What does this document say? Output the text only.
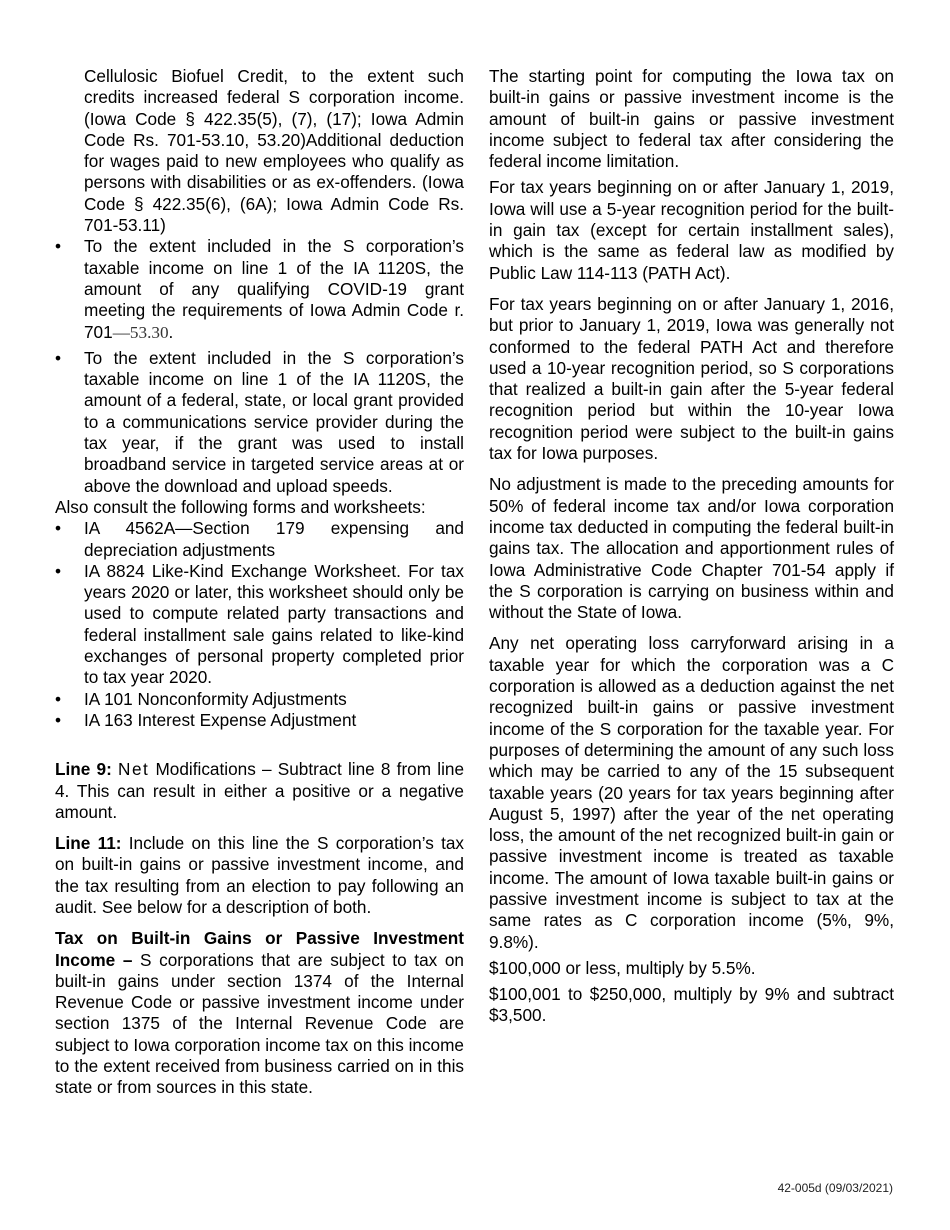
Cellulosic Biofuel Credit, to the extent such credits increased federal S corporation income. (Iowa Code § 422.35(5), (7), (17); Iowa Admin Code Rs. 701-53.10, 53.20)Additional deduction for wages paid to new employees who qualify as persons with disabilities or as ex-offenders. (Iowa Code § 422.35(6), (6A); Iowa Admin Code Rs. 701-53.11)

• To the extent included in the S corporation’s taxable income on line 1 of the IA 1120S, the amount of any qualifying COVID-19 grant meeting the requirements of Iowa Admin Code r. 701—53.30.
• To the extent included in the S corporation’s taxable income on line 1 of the IA 1120S, the amount of a federal, state, or local grant provided to a communications service provider during the tax year, if the grant was used to install broadband service in targeted service areas at or above the download and upload speeds.

Also consult the following forms and worksheets:

• IA 4562A—Section 179 expensing and depreciation adjustments
• IA 8824 Like-Kind Exchange Worksheet. For tax years 2020 or later, this worksheet should only be used to compute related party transactions and federal installment sale gains related to like-kind exchanges of personal property completed prior to tax year 2020.
• IA 101 Nonconformity Adjustments
• IA 163 Interest Expense Adjustment

Line 9: Net Modifications – Subtract line 8 from line 4. This can result in either a positive or a negative amount.

Line 11: Include on this line the S corporation’s tax on built-in gains or passive investment income, and the tax resulting from an election to pay following an audit. See below for a description of both.

Tax on Built-in Gains or Passive Investment Income – S corporations that are subject to tax on built-in gains under section 1374 of the Internal Revenue Code or passive investment income under section 1375 of the Internal Revenue Code are subject to Iowa corporation income tax on this income to the extent received from business carried on in this state or from sources in this state.

The starting point for computing the Iowa tax on built-in gains or passive investment income is the amount of built-in gains or passive investment income subject to federal tax after considering the federal income limitation.

For tax years beginning on or after January 1, 2019, Iowa will use a 5-year recognition period for the built-in gain tax (except for certain installment sales), which is the same as federal law as modified by Public Law 114-113 (PATH Act).

For tax years beginning on or after January 1, 2016, but prior to January 1, 2019, Iowa was generally not conformed to the federal PATH Act and therefore used a 10-year recognition period, so S corporations that realized a built-in gain after the 5-year federal recognition period but within the 10-year Iowa recognition period were subject to the built-in gains tax for Iowa purposes.

No adjustment is made to the preceding amounts for 50% of federal income tax and/or Iowa corporation income tax deducted in computing the federal built-in gains tax. The allocation and apportionment rules of Iowa Administrative Code Chapter 701-54 apply if the S corporation is carrying on business within and without the State of Iowa.

Any net operating loss carryforward arising in a taxable year for which the corporation was a C corporation is allowed as a deduction against the net recognized built-in gains or passive investment income of the S corporation for the taxable year. For purposes of determining the amount of any such loss which may be carried to any of the 15 subsequent taxable years (20 years for tax years beginning after August 5, 1997) after the year of the net operating loss, the amount of the net recognized built-in gain or passive investment income is treated as taxable income. The amount of Iowa taxable built-in gains or passive investment income is subject to tax at the same rates as C corporation income (5%, 9%, 9.8%).

$100,000 or less, multiply by 5.5%.

$100,001 to $250,000, multiply by 9% and subtract $3,500.

42-005d (09/03/2021)
